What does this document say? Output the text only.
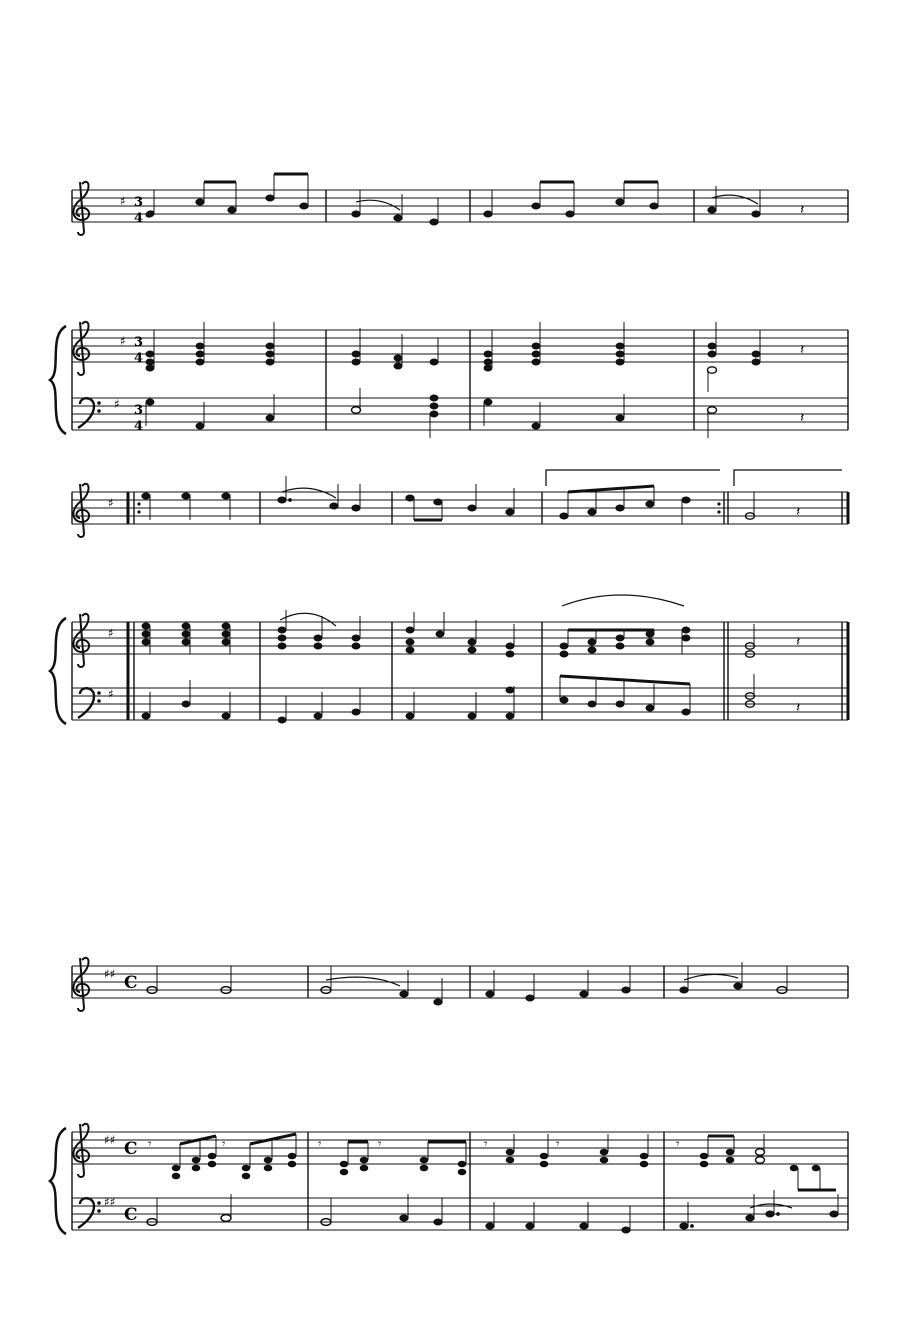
♯ 3
4
𝄽
♯ 3
4
♯ 3
4
𝄽
𝄽
♯
𝄽
♯
♯
𝄽
𝄽
♯♯ C
♯♯ C
♯♯
C
𝄾	𝄾	𝄾	𝄾	𝄾	𝄾	𝄾
